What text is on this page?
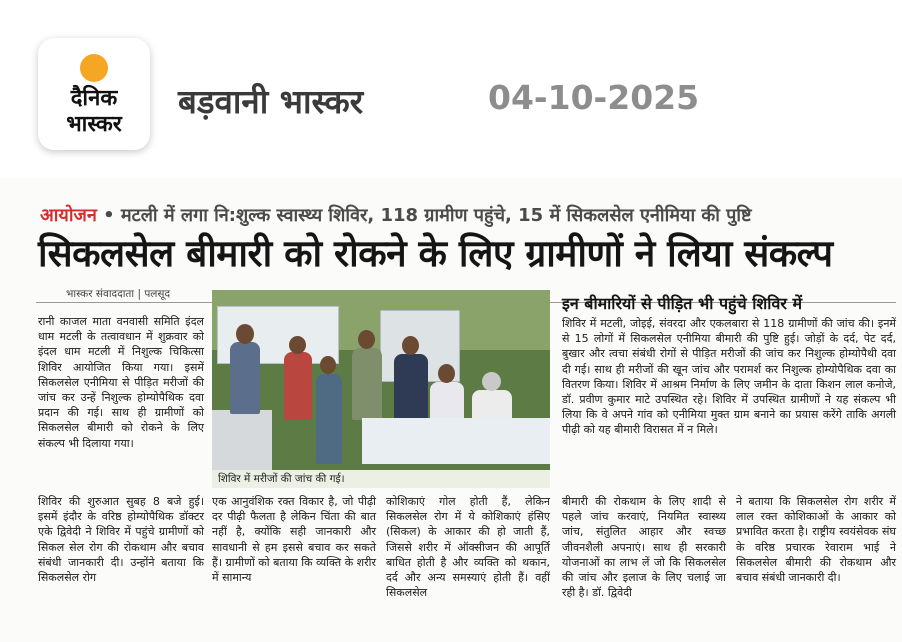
दैनिक
भास्कर
बड़वानी भास्कर	04-10-2025
आयोजन • मटली में लगा नि:शुल्क स्वास्थ्य शिविर, 118 ग्रामीण पहुंचे, 15 में सिकलसेल एनीमिया की पुष्टि
सिकलसेल बीमारी को रोकने के लिए ग्रामीणों ने लिया संकल्प
भास्कर संवाददाता | पलसूद
शिविर में मरीजों की जांच की गई।
रानी काजल माता वनवासी समिति इंदल धाम मटली के तत्वावधान में शुक्रवार को इंदल धाम मटली में निशुल्क चिकित्सा शिविर आयोजित किया गया। इसमें सिकलसेल एनीमिया से पीड़ित मरीजों की जांच कर उन्हें निशुल्क होम्योपैथिक दवा प्रदान की गई। साथ ही ग्रामीणों को सिकलसेल बीमारी को रोकने के लिए संकल्प भी दिलाया गया।
शिविर की शुरुआत सुबह 8 बजे हुई। इसमें इंदौर के वरिष्ठ होम्योपैथिक डॉक्टर एके द्विवेदी ने शिविर में पहुंचे ग्रामीणों को सिकल सेल रोग की रोकथाम और बचाव संबंधी जानकारी दी। उन्होंने बताया कि सिकलसेल रोग
एक आनुवंशिक रक्त विकार है, जो पीढ़ी दर पीढ़ी फैलता है लेकिन चिंता की बात नहीं है, क्योंकि सही जानकारी और सावधानी से हम इससे बचाव कर सकते हैं। ग्रामीणों को बताया कि व्यक्ति के शरीर में सामान्य
कोशिकाएं गोल होती हैं, लेकिन सिकलसेल रोग में ये कोशिकाएं हंसिए (सिकल) के आकार की हो जाती हैं, जिससे शरीर में ऑक्सीजन की आपूर्ति बाधित होती है और व्यक्ति को थकान, दर्द और अन्य समस्याएं होती हैं। वहीं सिकलसेल
बीमारी की रोकथाम के लिए शादी से पहले जांच करवाएं, नियमित स्वास्थ्य जांच, संतुलित आहार और स्वच्छ जीवनशैली अपनाएं। साथ ही सरकारी योजनाओं का लाभ लें जो कि सिकलसेल की जांच और इलाज के लिए चलाई जा रही है। डॉ. द्विवेदी
ने बताया कि सिकलसेल रोग शरीर में लाल रक्त कोशिकाओं के आकार को प्रभावित करता है। राष्ट्रीय स्वयंसेवक संघ के वरिष्ठ प्रचारक रेवाराम भाई ने सिकलसेल बीमारी की रोकथाम और बचाव संबंधी जानकारी दी।
इन बीमारियों से पीड़ित भी पहुंचे शिविर में
शिविर में मटली, जोइई, संवरदा और एकलबारा से 118 ग्रामीणों की जांच की। इनमें से 15 लोगों में सिकलसेल एनीमिया बीमारी की पुष्टि हुई। जोड़ों के दर्द, पेट दर्द, बुखार और त्वचा संबंधी रोगों से पीड़ित मरीजों की जांच कर निशुल्क होम्योपैथी दवा दी गई। साथ ही मरीजों की खून जांच और परामर्श कर निशुल्क होम्योपैथिक दवा का वितरण किया। शिविर में आश्रम निर्माण के लिए जमीन के दाता किशन लाल कनोजे, डॉ. प्रवीण कुमार माटे उपस्थित रहे। शिविर में उपस्थित ग्रामीणों ने यह संकल्प भी लिया कि वे अपने गांव को एनीमिया मुक्त ग्राम बनाने का प्रयास करेंगे ताकि अगली पीढ़ी को यह बीमारी विरासत में न मिले।
